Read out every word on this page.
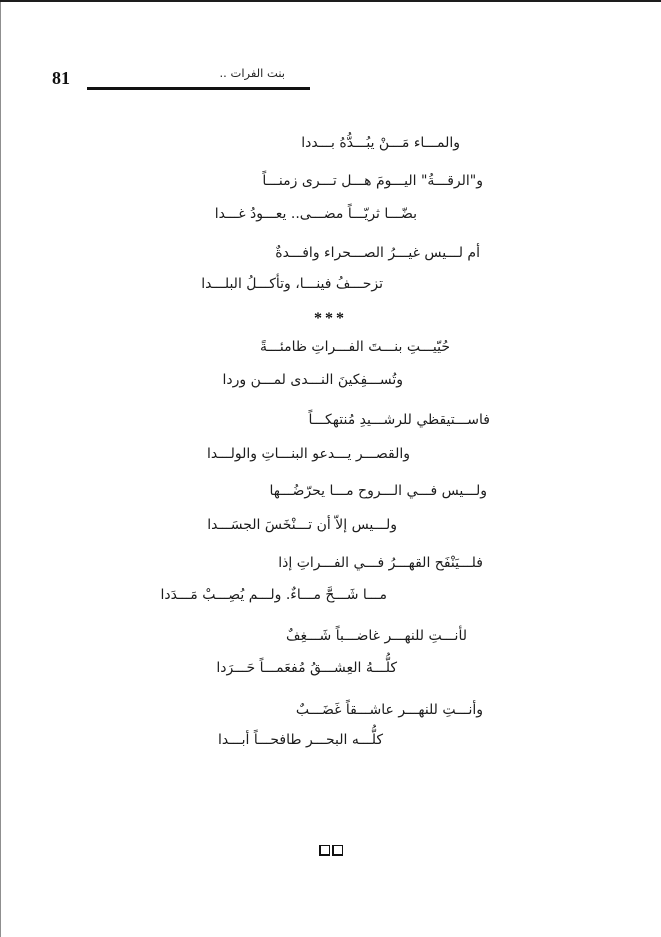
81	بنت الفرات ..
والمـــاء مَـــنْ يبُـــدُّهُ بـــددا
و"الرقـــةُ" اليـــومَ هـــل تـــرى زمنـــاً
بضّـــا ثريّـــاً مضـــى.. يعـــودُ غـــدا
أم لـــيس غيـــرُ الصـــحراء وافـــدةٌ
تزحـــفُ فينـــا، وتأكـــلُ البلـــدا
***
حُيّيـــتِ بنـــتَ الفـــراتِ ظامئـــةً
وتُســـفِكينَ النـــدى لمـــن وردا
فاســـتيقظي للرشـــيدِ مُنتهكـــاً
والقصـــر يـــدعو البنـــاتِ والولـــدا
ولـــيس فـــي الـــروح مـــا يحرّضُـــها
ولـــيس إلاّ أن تـــنْخَسَ الجسَـــدا
فلـــيَنْفَح القهـــرُ فـــي الفـــراتِ إذا
مـــا شَـــحَّ مـــاءٌ. ولـــم يُصِـــبْ مَـــدَدا
لأنـــتِ للنهـــر غاضـــباً شَـــغِفٌ
كلُّـــهُ العِشـــقُ مُفعَمـــاً حَـــرَدا
وأنـــتِ للنهـــر عاشـــقاً غَضَـــبٌ
كلُّـــه البحـــر طافحـــاً أبـــدا
